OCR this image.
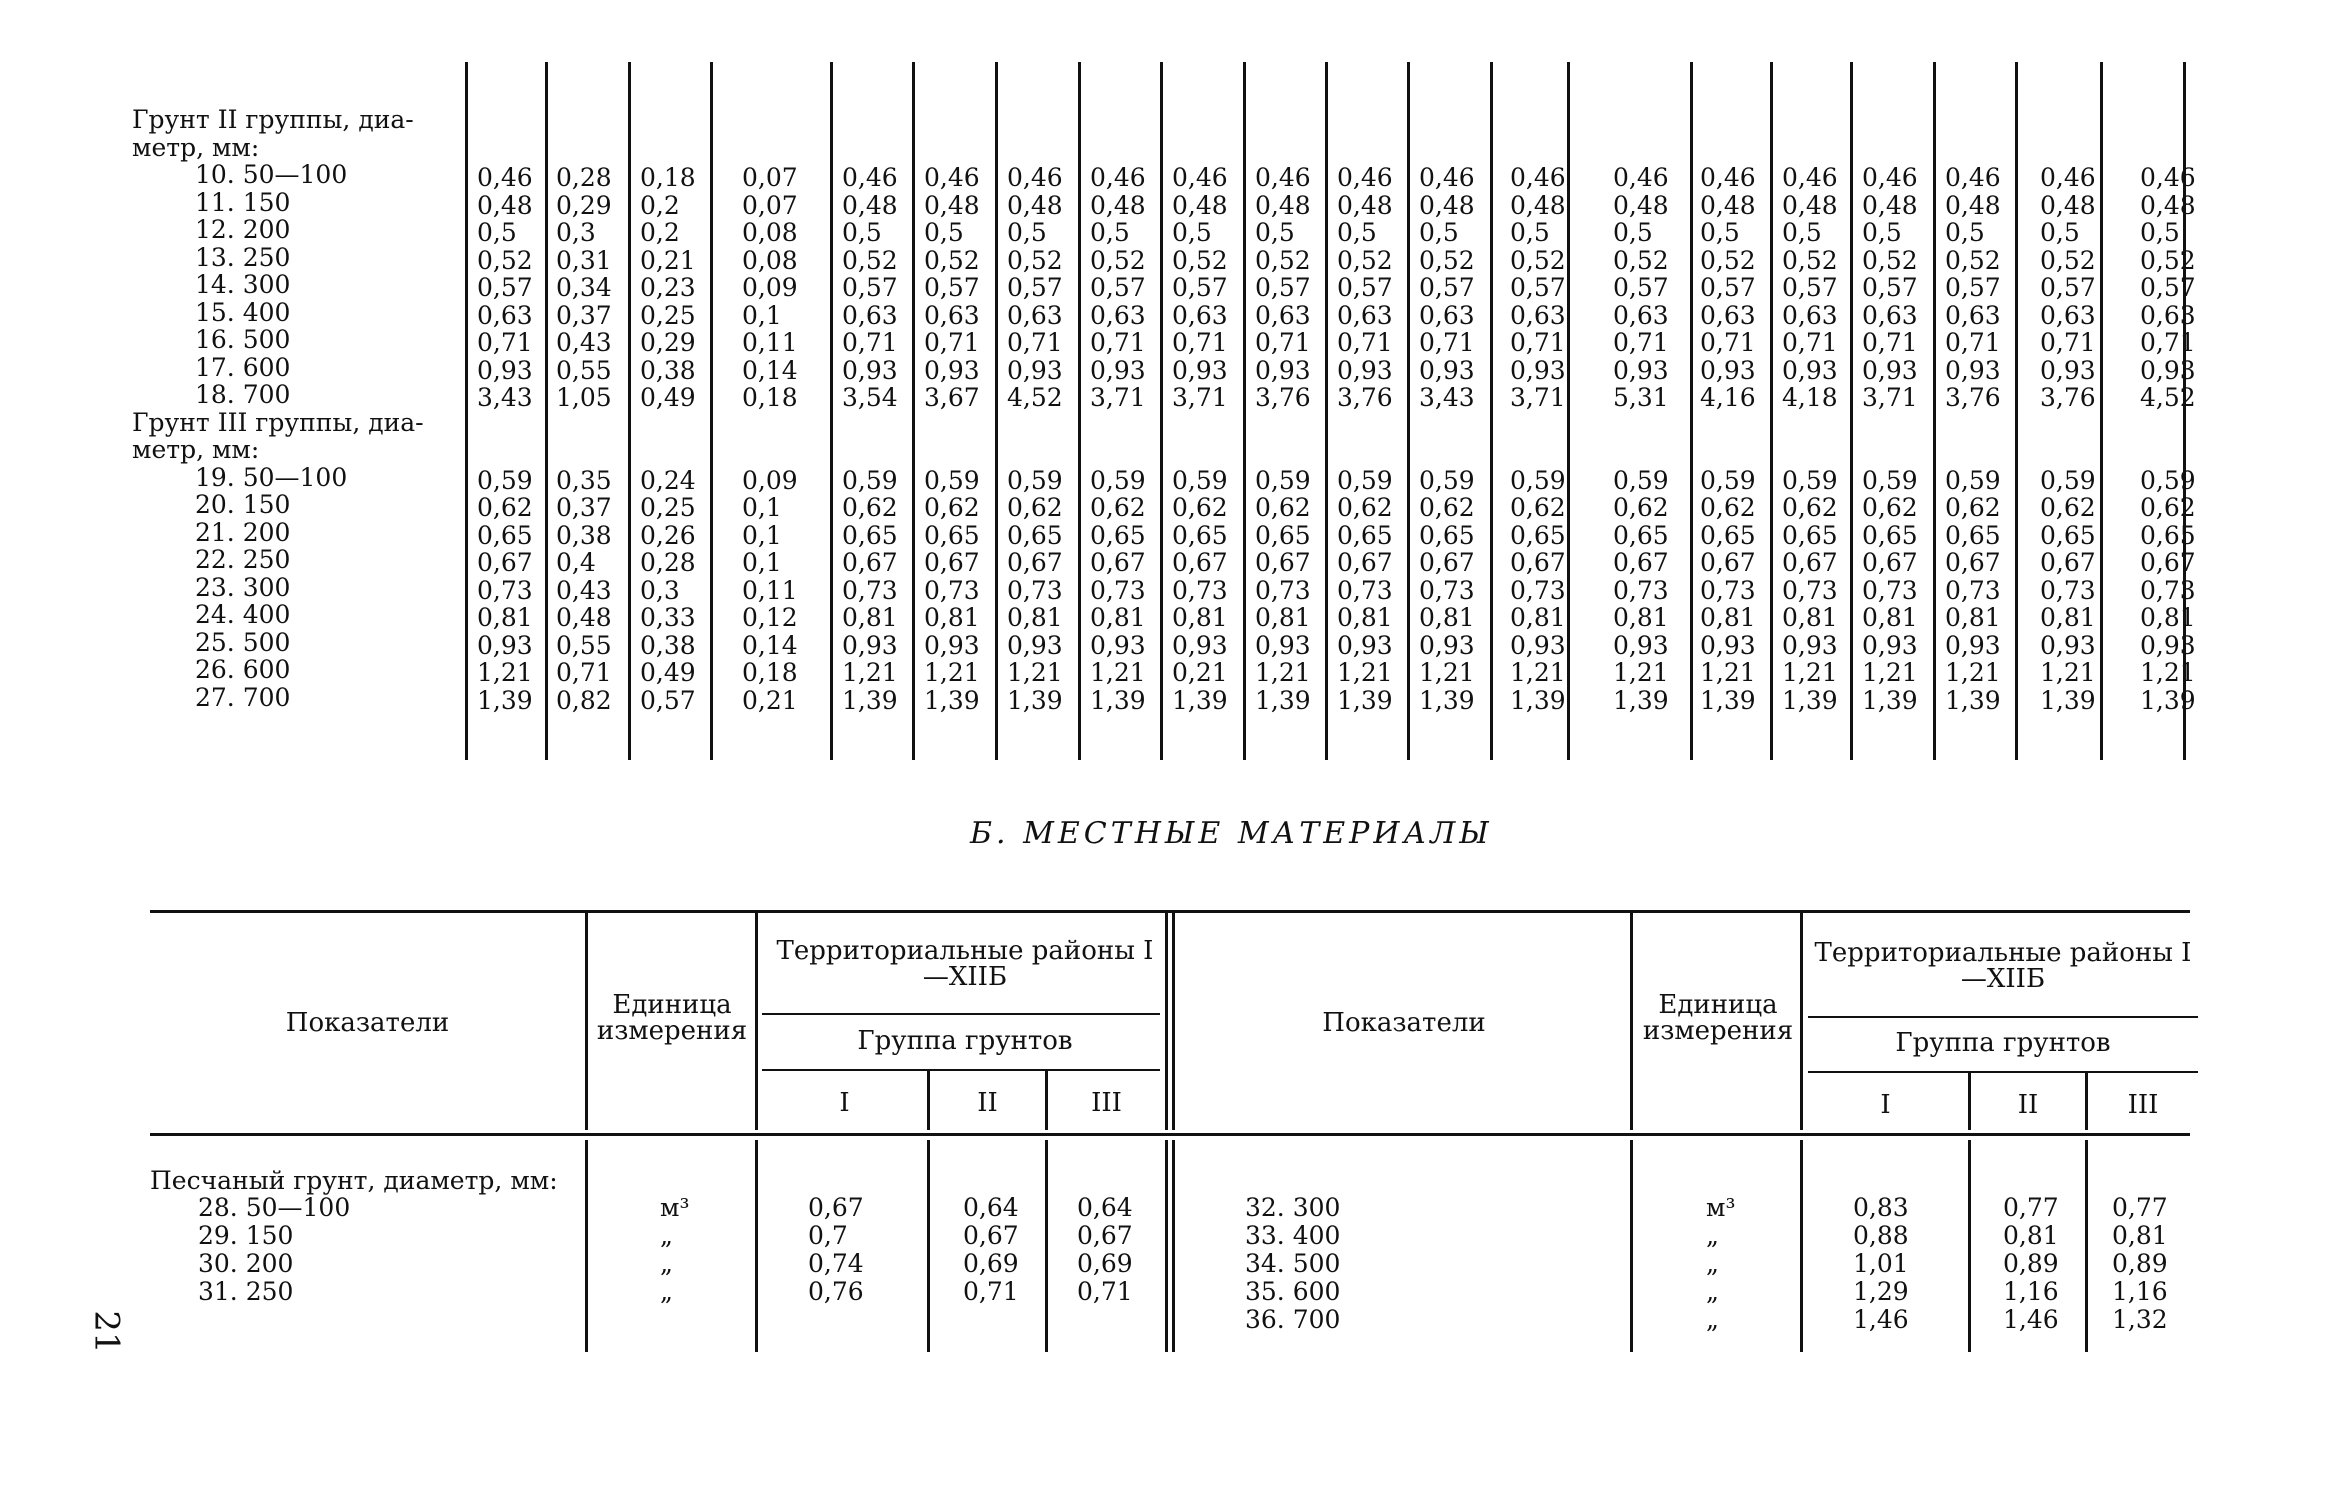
Грунт II группы, диа-
метр, мм:
10. 50—100	0,46 0,28 0,18 0,07 0,46 0,46 0,46 0,46 0,46 0,46 0,46 0,46 0,46 0,46 0,46 0,46 0,46 0,46 0,46 0,46
11. 150	0,48 0,29 0,2 0,07 0,48 0,48 0,48 0,48 0,48 0,48 0,48 0,48 0,48 0,48 0,48 0,48 0,48 0,48 0,48 0,48
12. 200	0,5 0,3 0,2 0,08 0,5 0,5 0,5 0,5 0,5 0,5 0,5 0,5 0,5	0,5 0,5 0,5 0,5 0,5 0,5 0,5
13. 250	0,52 0,31 0,21 0,08 0,52 0,52 0,52 0,52 0,52 0,52 0,52 0,52 0,52 0,52 0,52 0,52 0,52 0,52 0,52 0,52
14. 300	0,57 0,34 0,23 0,09 0,57 0,57 0,57 0,57 0,57 0,57 0,57 0,57 0,57 0,57 0,57 0,57 0,57 0,57 0,57 0,57
15. 400	0,63 0,37 0,25 0,1 0,63 0,63 0,63 0,63 0,63 0,63 0,63 0,63 0,63 0,63 0,63 0,63 0,63 0,63 0,63 0,63
16. 500	0,71 0,43 0,29 0,11 0,71 0,71 0,71 0,71 0,71 0,71 0,71 0,71 0,71 0,71 0,71 0,71 0,71 0,71 0,71 0,71
17. 600	0,93 0,55 0,38 0,14 0,93 0,93 0,93 0,93 0,93 0,93 0,93 0,93 0,93 0,93 0,93 0,93 0,93 0,93 0,93 0,93
18. 700	3,43 1,05 0,49 0,18 3,54 3,67 4,52 3,71 3,71 3,76 3,76 3,43 3,71 5,31 4,16 4,18 3,71 3,76 3,76 4,52
Грунт III группы, диа-
метр, мм:
19. 50—100	0,59 0,35 0,24 0,09 0,59 0,59 0,59 0,59 0,59 0,59 0,59 0,59 0,59 0,59 0,59 0,59 0,59 0,59 0,59 0,59
20. 150	0,62 0,37 0,25 0,1 0,62 0,62 0,62 0,62 0,62 0,62 0,62 0,62 0,62 0,62 0,62 0,62 0,62 0,62 0,62 0,62
21. 200	0,65 0,38 0,26 0,1 0,65 0,65 0,65 0,65 0,65 0,65 0,65 0,65 0,65 0,65 0,65 0,65 0,65 0,65 0,65 0,65
22. 250	0,67 0,4 0,28 0,1 0,67 0,67 0,67 0,67 0,67 0,67 0,67 0,67 0,67 0,67 0,67 0,67 0,67 0,67 0,67 0,67
23. 300	0,73 0,43 0,3 0,11 0,73 0,73 0,73 0,73 0,73 0,73 0,73 0,73 0,73 0,73 0,73 0,73 0,73 0,73 0,73 0,73
24. 400	0,81 0,48 0,33 0,12 0,81 0,81 0,81 0,81 0,81 0,81 0,81 0,81 0,81 0,81 0,81 0,81 0,81 0,81 0,81 0,81
25. 500	0,93 0,55 0,38 0,14 0,93 0,93 0,93 0,93 0,93 0,93 0,93 0,93 0,93 0,93 0,93 0,93 0,93 0,93 0,93 0,93
26. 600	1,21 0,71 0,49 0,18 1,21 1,21 1,21 1,21 0,21 1,21 1,21 1,21 1,21 1,21 1,21 1,21 1,21 1,21 1,21 1,21
27. 700	1,39 0,82 0,57 0,21 1,39 1,39 1,39 1,39 1,39 1,39 1,39 1,39 1,39 1,39 1,39 1,39 1,39 1,39 1,39 1,39
Б. МЕСТНЫЕ МАТЕРИАЛЫ
Показатели
Единица измерения
Территориальные районы I—XIIБ
Группа грунтов
I	II	III
Показатели
Единица измерения
Территориальные районы I—XIIБ
Группа грунтов
I	II	III
Песчаный грунт, диаметр, мм:
28. 50—100	м³	0,67	0,64 0,64
29. 150	„	0,7	0,67 0,67
30. 200	„	0,74	0,69 0,69
31. 250	„	0,76	0,71 0,71
32. 300	м³	0,83	0,77 0,77
33. 400	„	0,88	0,81 0,81
34. 500	„	1,01	0,89 0,89
35. 600	„	1,29	1,16 1,16
36. 700	„	1,46	1,46 1,32
21
